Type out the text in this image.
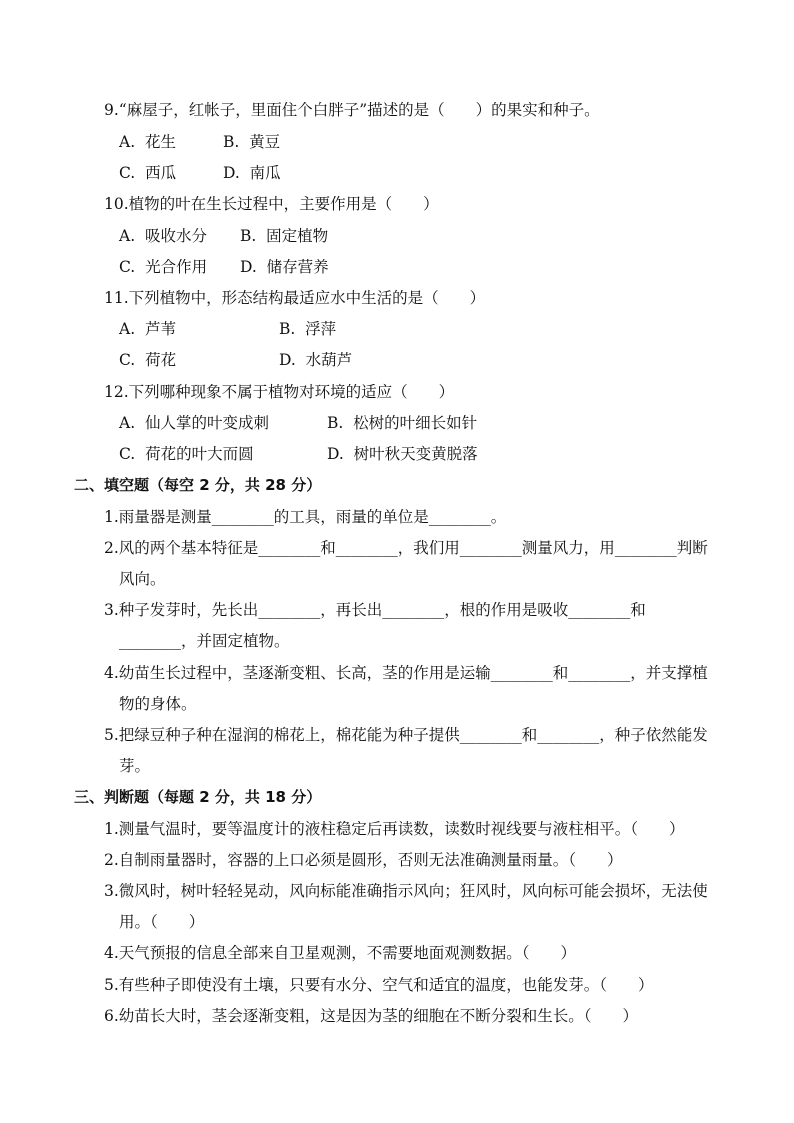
9.“麻屋子，红帐子，里面住个白胖子”描述的是（　　）的果实和种子。
A.  花生	B.  黄豆
C.  西瓜	D.  南瓜
10.植物的叶在生长过程中，主要作用是（　　）
A.  吸收水分 B.  固定植物
C.  光合作用 D.  储存营养
11.下列植物中，形态结构最适应水中生活的是（　　）
A.  芦苇	B.  浮萍
C.  荷花	D.  水葫芦
12.下列哪种现象不属于植物对环境的适应（　　）
A.  仙人掌的叶变成刺	B.  松树的叶细长如针
C.  荷花的叶大而圆	D.  树叶秋天变黄脱落
二、填空题（每空 2 分，共 28 分）
1.雨量器是测量________的工具，雨量的单位是________。
2.风的两个基本特征是________和________，我们用________测量风力，用________判断
风向。
3.种子发芽时，先长出________，再长出________，根的作用是吸收________和
________，并固定植物。
4.幼苗生长过程中，茎逐渐变粗、长高，茎的作用是运输________和________，并支撑植
物的身体。
5.把绿豆种子种在湿润的棉花上，棉花能为种子提供________和________，种子依然能发
芽。
三、判断题（每题 2 分，共 18 分）
1.测量气温时，要等温度计的液柱稳定后再读数，读数时视线要与液柱相平。（　　）
2.自制雨量器时，容器的上口必须是圆形，否则无法准确测量雨量。（　　）
3.微风时，树叶轻轻晃动，风向标能准确指示风向；狂风时，风向标可能会损坏，无法使
用。（　　）
4.天气预报的信息全部来自卫星观测，不需要地面观测数据。（　　）
5.有些种子即使没有土壤，只要有水分、空气和适宜的温度，也能发芽。（　　）
6.幼苗长大时，茎会逐渐变粗，这是因为茎的细胞在不断分裂和生长。（　　）
